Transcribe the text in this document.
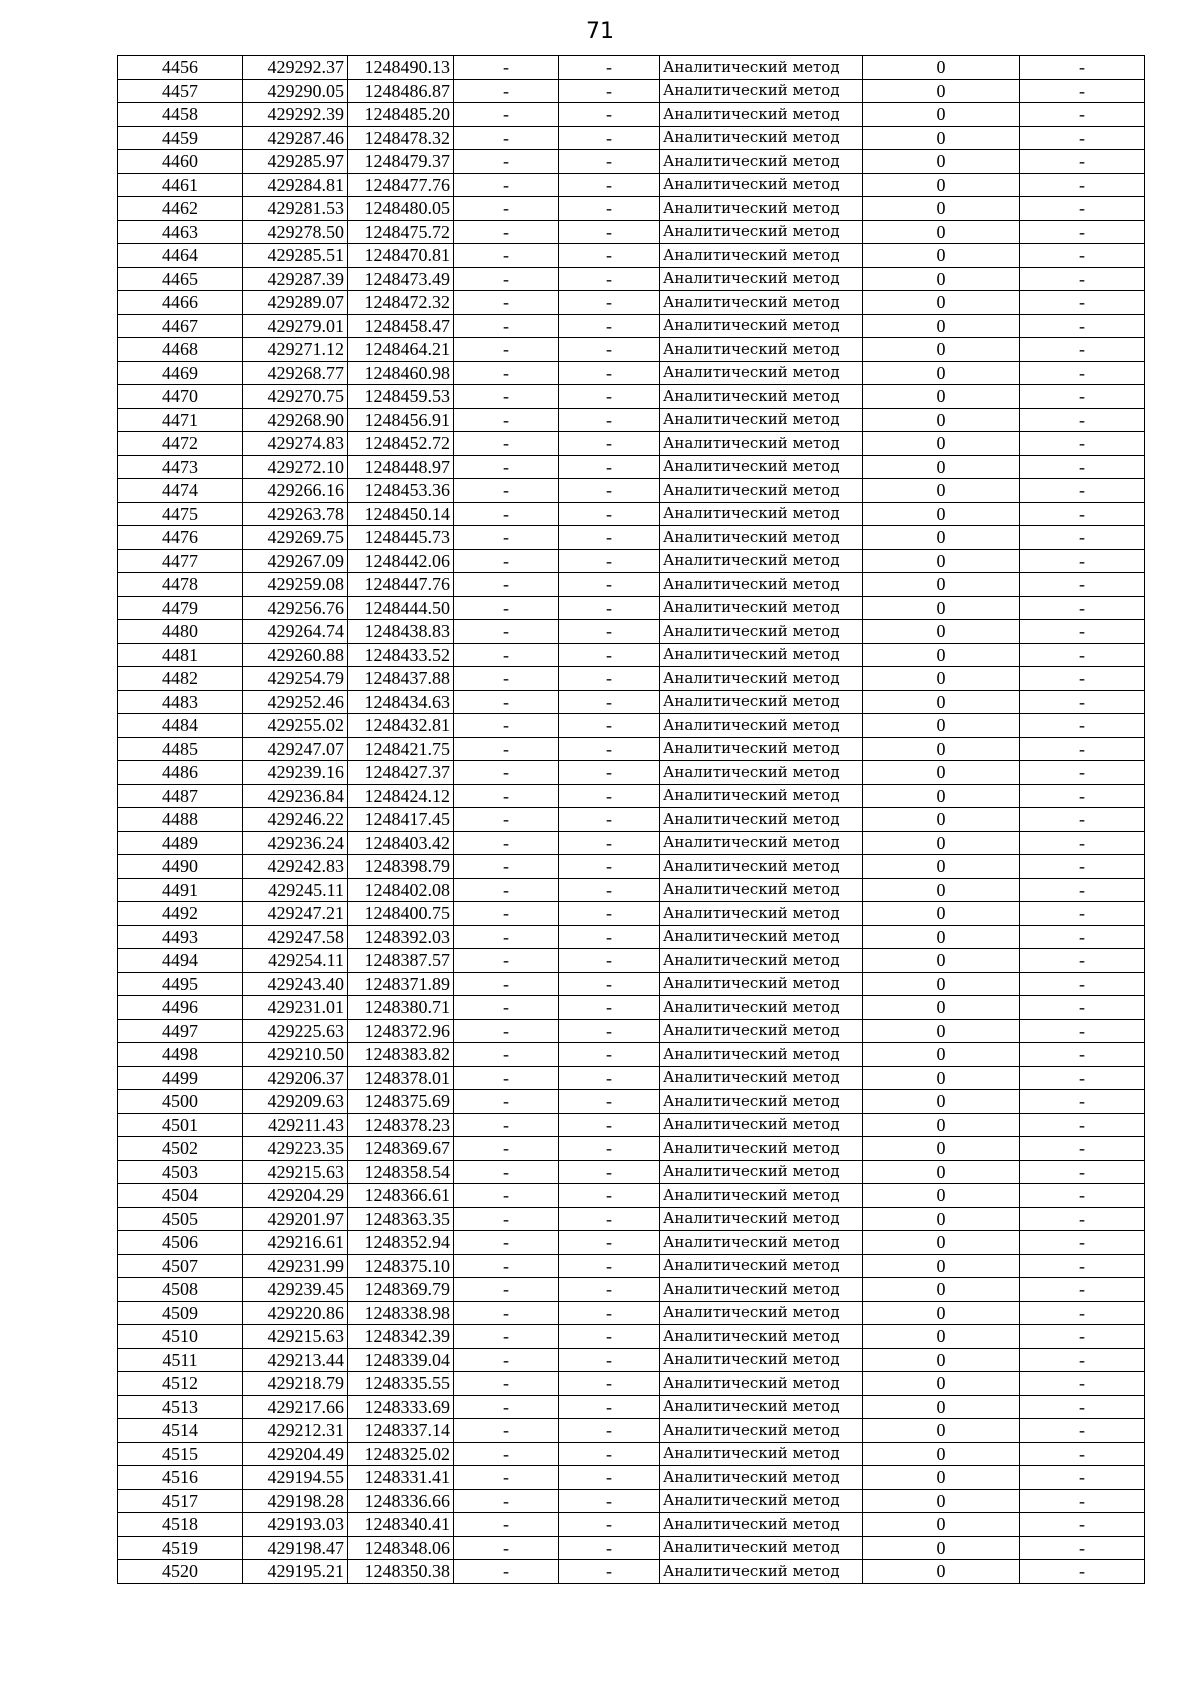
71
4456	429292.37	1248490.13	-	-	Аналитический метод	0	-
4457	429290.05	1248486.87	-	-	Аналитический метод	0	-
4458	429292.39	1248485.20	-	-	Аналитический метод	0	-
4459	429287.46	1248478.32	-	-	Аналитический метод	0	-
4460	429285.97	1248479.37	-	-	Аналитический метод	0	-
4461	429284.81	1248477.76	-	-	Аналитический метод	0	-
4462	429281.53	1248480.05	-	-	Аналитический метод	0	-
4463	429278.50	1248475.72	-	-	Аналитический метод	0	-
4464	429285.51	1248470.81	-	-	Аналитический метод	0	-
4465	429287.39	1248473.49	-	-	Аналитический метод	0	-
4466	429289.07	1248472.32	-	-	Аналитический метод	0	-
4467	429279.01	1248458.47	-	-	Аналитический метод	0	-
4468	429271.12	1248464.21	-	-	Аналитический метод	0	-
4469	429268.77	1248460.98	-	-	Аналитический метод	0	-
4470	429270.75	1248459.53	-	-	Аналитический метод	0	-
4471	429268.90	1248456.91	-	-	Аналитический метод	0	-
4472	429274.83	1248452.72	-	-	Аналитический метод	0	-
4473	429272.10	1248448.97	-	-	Аналитический метод	0	-
4474	429266.16	1248453.36	-	-	Аналитический метод	0	-
4475	429263.78	1248450.14	-	-	Аналитический метод	0	-
4476	429269.75	1248445.73	-	-	Аналитический метод	0	-
4477	429267.09	1248442.06	-	-	Аналитический метод	0	-
4478	429259.08	1248447.76	-	-	Аналитический метод	0	-
4479	429256.76	1248444.50	-	-	Аналитический метод	0	-
4480	429264.74	1248438.83	-	-	Аналитический метод	0	-
4481	429260.88	1248433.52	-	-	Аналитический метод	0	-
4482	429254.79	1248437.88	-	-	Аналитический метод	0	-
4483	429252.46	1248434.63	-	-	Аналитический метод	0	-
4484	429255.02	1248432.81	-	-	Аналитический метод	0	-
4485	429247.07	1248421.75	-	-	Аналитический метод	0	-
4486	429239.16	1248427.37	-	-	Аналитический метод	0	-
4487	429236.84	1248424.12	-	-	Аналитический метод	0	-
4488	429246.22	1248417.45	-	-	Аналитический метод	0	-
4489	429236.24	1248403.42	-	-	Аналитический метод	0	-
4490	429242.83	1248398.79	-	-	Аналитический метод	0	-
4491	429245.11	1248402.08	-	-	Аналитический метод	0	-
4492	429247.21	1248400.75	-	-	Аналитический метод	0	-
4493	429247.58	1248392.03	-	-	Аналитический метод	0	-
4494	429254.11	1248387.57	-	-	Аналитический метод	0	-
4495	429243.40	1248371.89	-	-	Аналитический метод	0	-
4496	429231.01	1248380.71	-	-	Аналитический метод	0	-
4497	429225.63	1248372.96	-	-	Аналитический метод	0	-
4498	429210.50	1248383.82	-	-	Аналитический метод	0	-
4499	429206.37	1248378.01	-	-	Аналитический метод	0	-
4500	429209.63	1248375.69	-	-	Аналитический метод	0	-
4501	429211.43	1248378.23	-	-	Аналитический метод	0	-
4502	429223.35	1248369.67	-	-	Аналитический метод	0	-
4503	429215.63	1248358.54	-	-	Аналитический метод	0	-
4504	429204.29	1248366.61	-	-	Аналитический метод	0	-
4505	429201.97	1248363.35	-	-	Аналитический метод	0	-
4506	429216.61	1248352.94	-	-	Аналитический метод	0	-
4507	429231.99	1248375.10	-	-	Аналитический метод	0	-
4508	429239.45	1248369.79	-	-	Аналитический метод	0	-
4509	429220.86	1248338.98	-	-	Аналитический метод	0	-
4510	429215.63	1248342.39	-	-	Аналитический метод	0	-
4511	429213.44	1248339.04	-	-	Аналитический метод	0	-
4512	429218.79	1248335.55	-	-	Аналитический метод	0	-
4513	429217.66	1248333.69	-	-	Аналитический метод	0	-
4514	429212.31	1248337.14	-	-	Аналитический метод	0	-
4515	429204.49	1248325.02	-	-	Аналитический метод	0	-
4516	429194.55	1248331.41	-	-	Аналитический метод	0	-
4517	429198.28	1248336.66	-	-	Аналитический метод	0	-
4518	429193.03	1248340.41	-	-	Аналитический метод	0	-
4519	429198.47	1248348.06	-	-	Аналитический метод	0	-
4520	429195.21	1248350.38	-	-	Аналитический метод	0	-
